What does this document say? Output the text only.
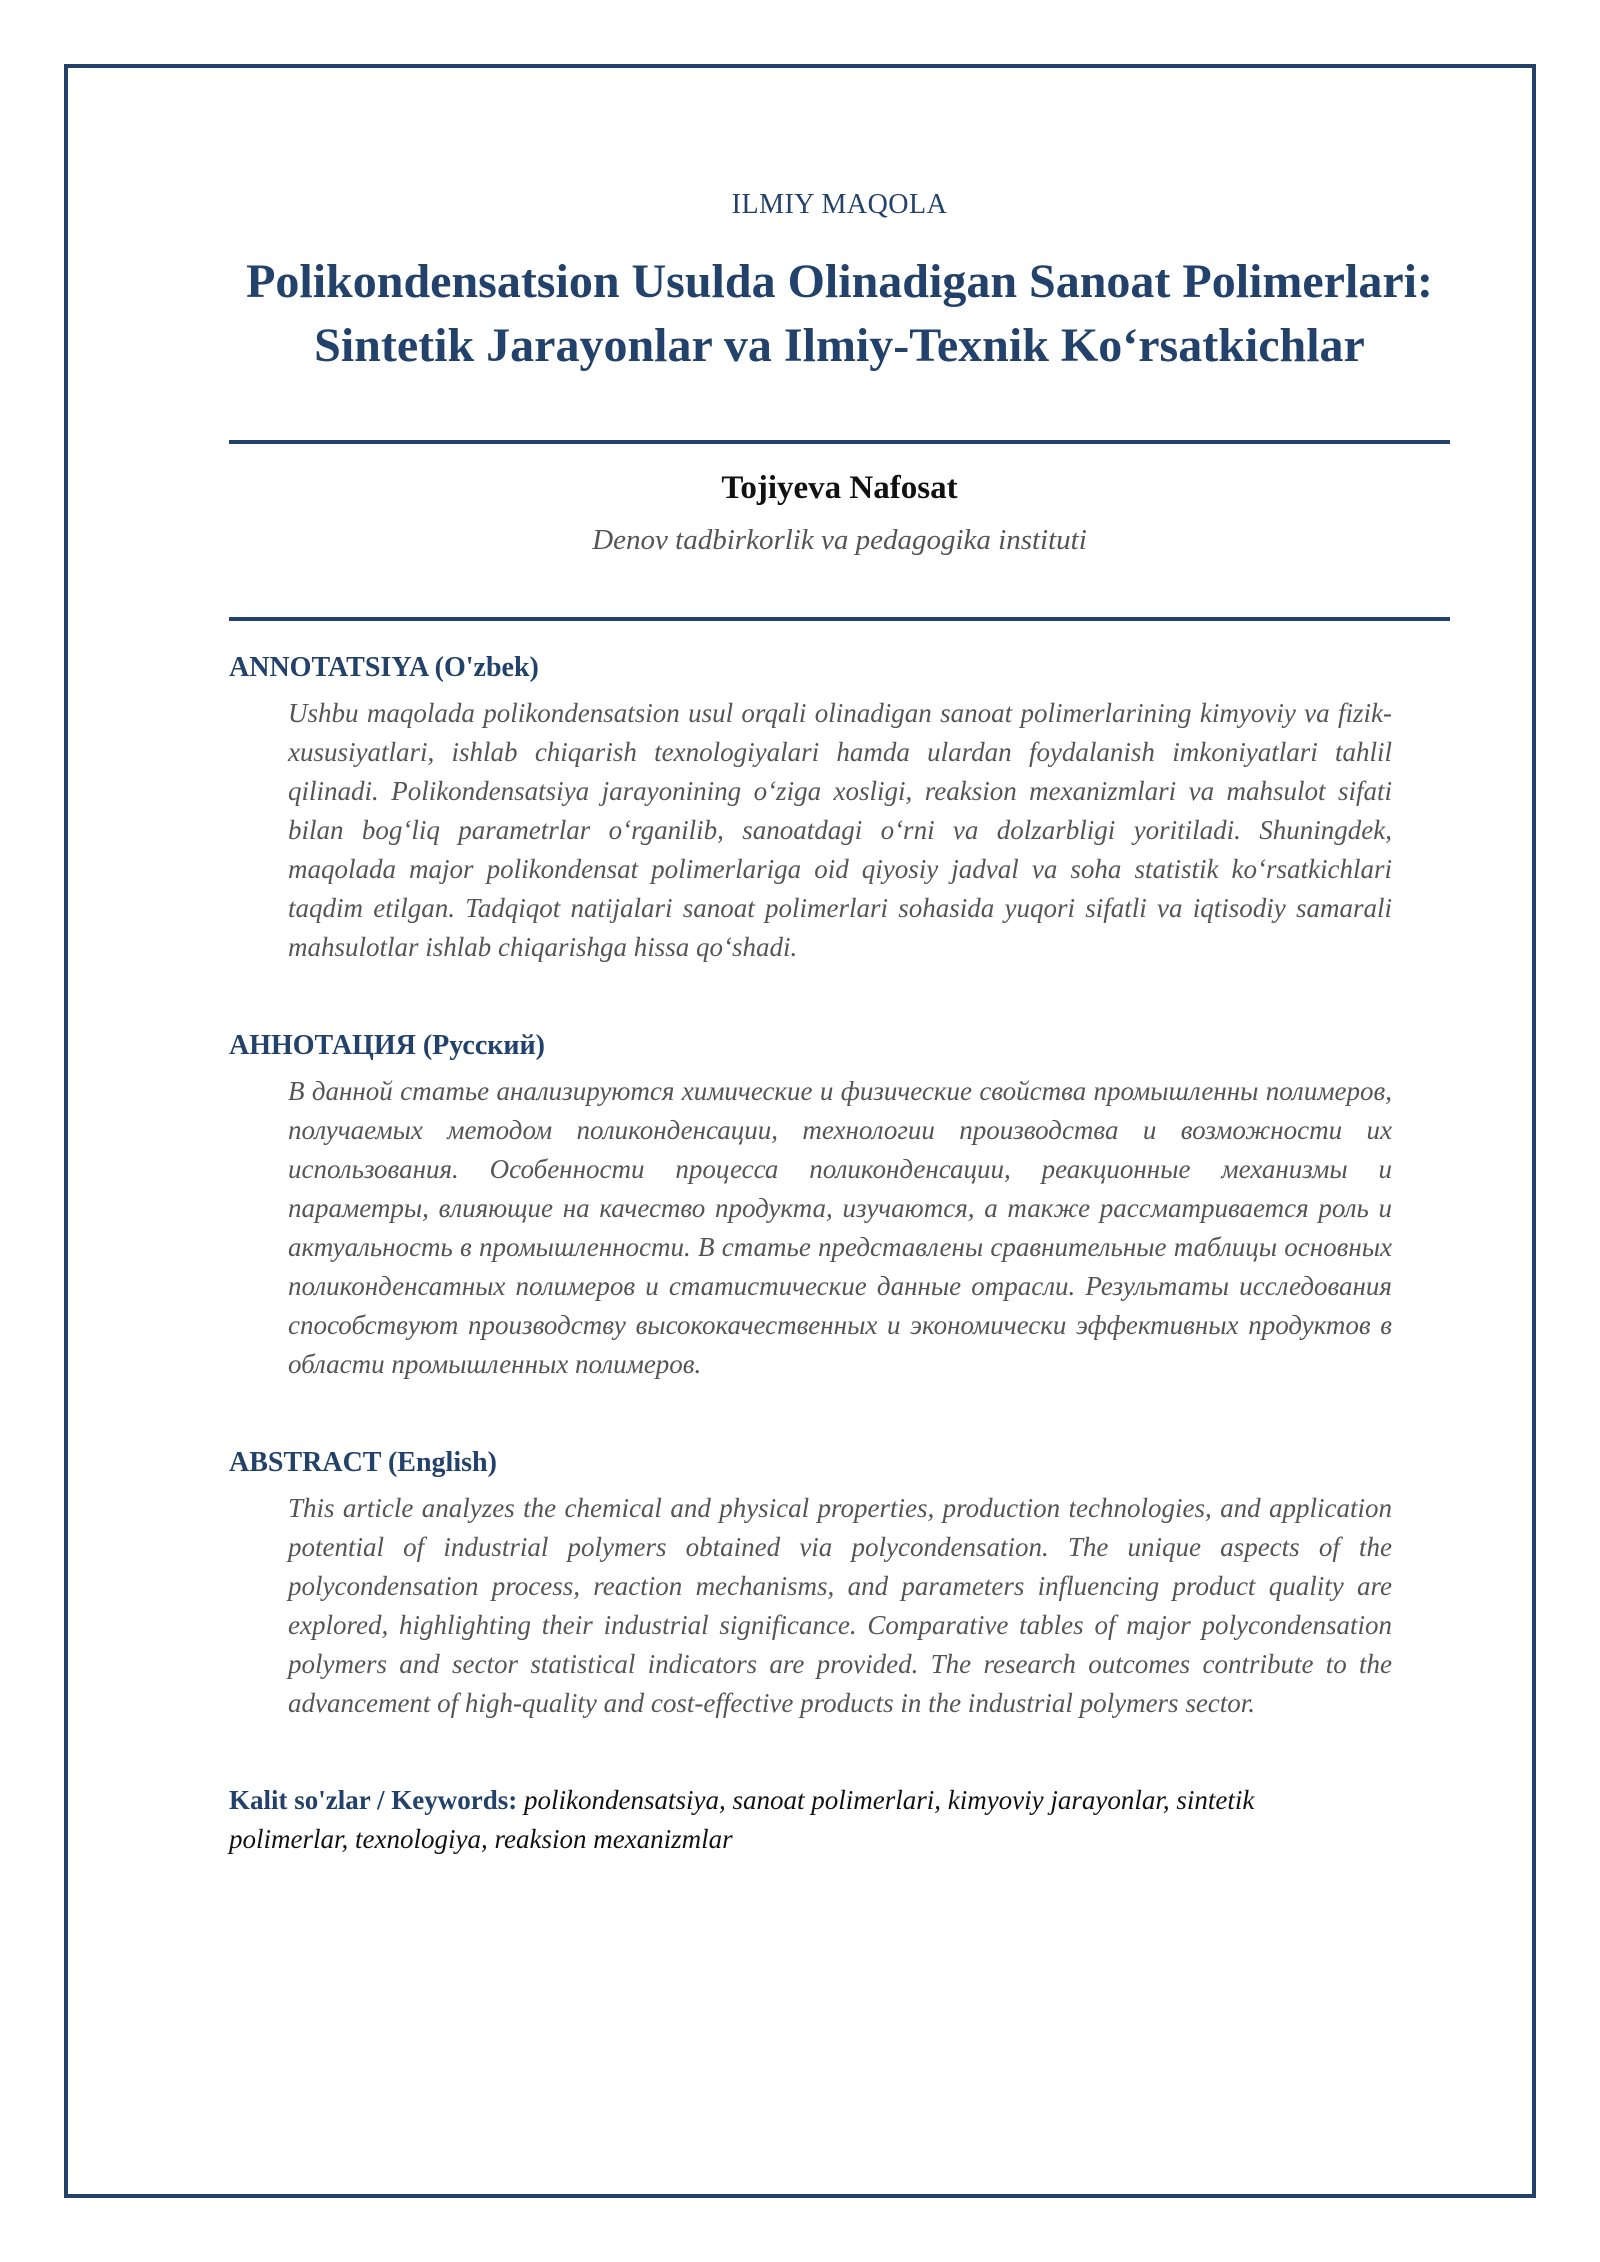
ILMIY MAQOLA
Polikondensatsion Usulda Olinadigan Sanoat Polimerlari:
Sintetik Jarayonlar va Ilmiy-Texnik Ko‘rsatkichlar
Tojiyeva Nafosat
Denov tadbirkorlik va pedagogika instituti
ANNOTATSIYA (O'zbek)
Ushbu maqolada polikondensatsion usul orqali olinadigan sanoat polimerlarining kimyoviy va fizik-xususiyatlari, ishlab chiqarish texnologiyalari hamda ulardan foydalanish imkoniyatlari tahlil qilinadi. Polikondensatsiya jarayonining o‘ziga xosligi, reaksion mexanizmlari va mahsulot sifati bilan bog‘liq parametrlar o‘rganilib, sanoatdagi o‘rni va dolzarbligi yoritiladi. Shuningdek, maqolada major polikondensat polimerlariga oid qiyosiy jadval va soha statistik ko‘rsatkichlari taqdim etilgan. Tadqiqot natijalari sanoat polimerlari sohasida yuqori sifatli va iqtisodiy samarali mahsulotlar ishlab chiqarishga hissa qo‘shadi.
АННОТАЦИЯ (Русский)
В данной статье анализируются химические и физические свойства промышленны полимеров, получаемых методом поликонденсации, технологии производства и возможности их использования. Особенности процесса поликонденсации, реакционные механизмы и параметры, влияющие на качество продукта, изучаются, а также рассматривается роль и актуальность в промышленности. В статье представлены сравнительные таблицы основных поликонденсатных полимеров и статистические данные отрасли. Результаты исследования способствуют производству высококачественных и экономически эффективных продуктов в области промышленных полимеров.
ABSTRACT (English)
This article analyzes the chemical and physical properties, production technologies, and application potential of industrial polymers obtained via polycondensation. The unique aspects of the polycondensation process, reaction mechanisms, and parameters influencing product quality are explored, highlighting their industrial significance. Comparative tables of major polycondensation polymers and sector statistical indicators are provided. The research outcomes contribute to the advancement of high-quality and cost-effective products in the industrial polymers sector.
Kalit so'zlar / Keywords: polikondensatsiya, sanoat polimerlari, kimyoviy jarayonlar, sintetik polimerlar, texnologiya, reaksion mexanizmlar
